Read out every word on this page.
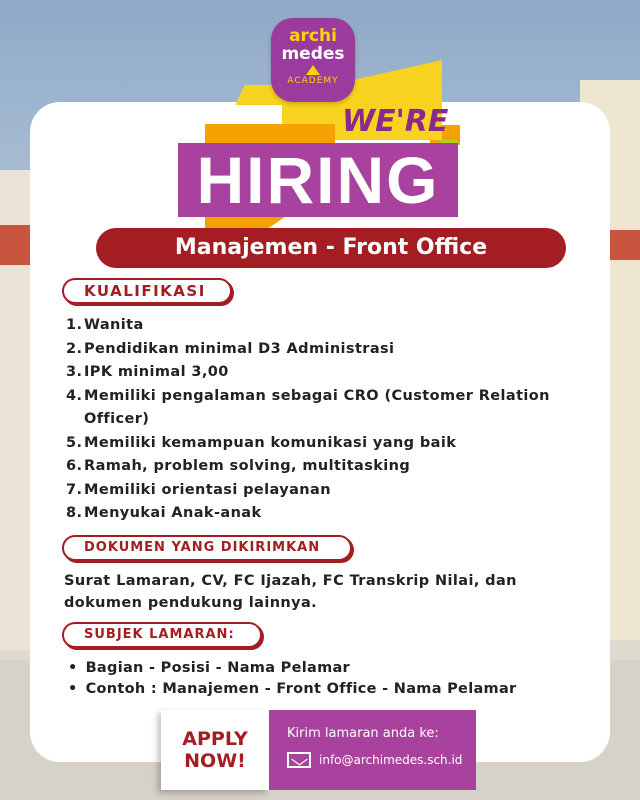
archi
medes
ACADEMY
WE'RE
HIRING
Manajemen - Front Office
KUALIFIKASI
1. Wanita
2. Pendidikan minimal D3 Administrasi
3. IPK minimal 3,00
4. Memiliki pengalaman sebagai CRO (Customer Relation Officer)
5. Memiliki kemampuan komunikasi yang baik
6. Ramah, problem solving, multitasking
7. Memiliki orientasi pelayanan
8. Menyukai Anak-anak
DOKUMEN YANG DIKIRIMKAN
Surat Lamaran, CV, FC Ijazah, FC Transkrip Nilai, dan dokumen pendukung lainnya.
SUBJEK LAMARAN:
• Bagian - Posisi - Nama Pelamar
• Contoh : Manajemen - Front Office - Nama Pelamar
APPLY
NOW!
Kirim lamaran anda ke:
info@archimedes.sch.id
